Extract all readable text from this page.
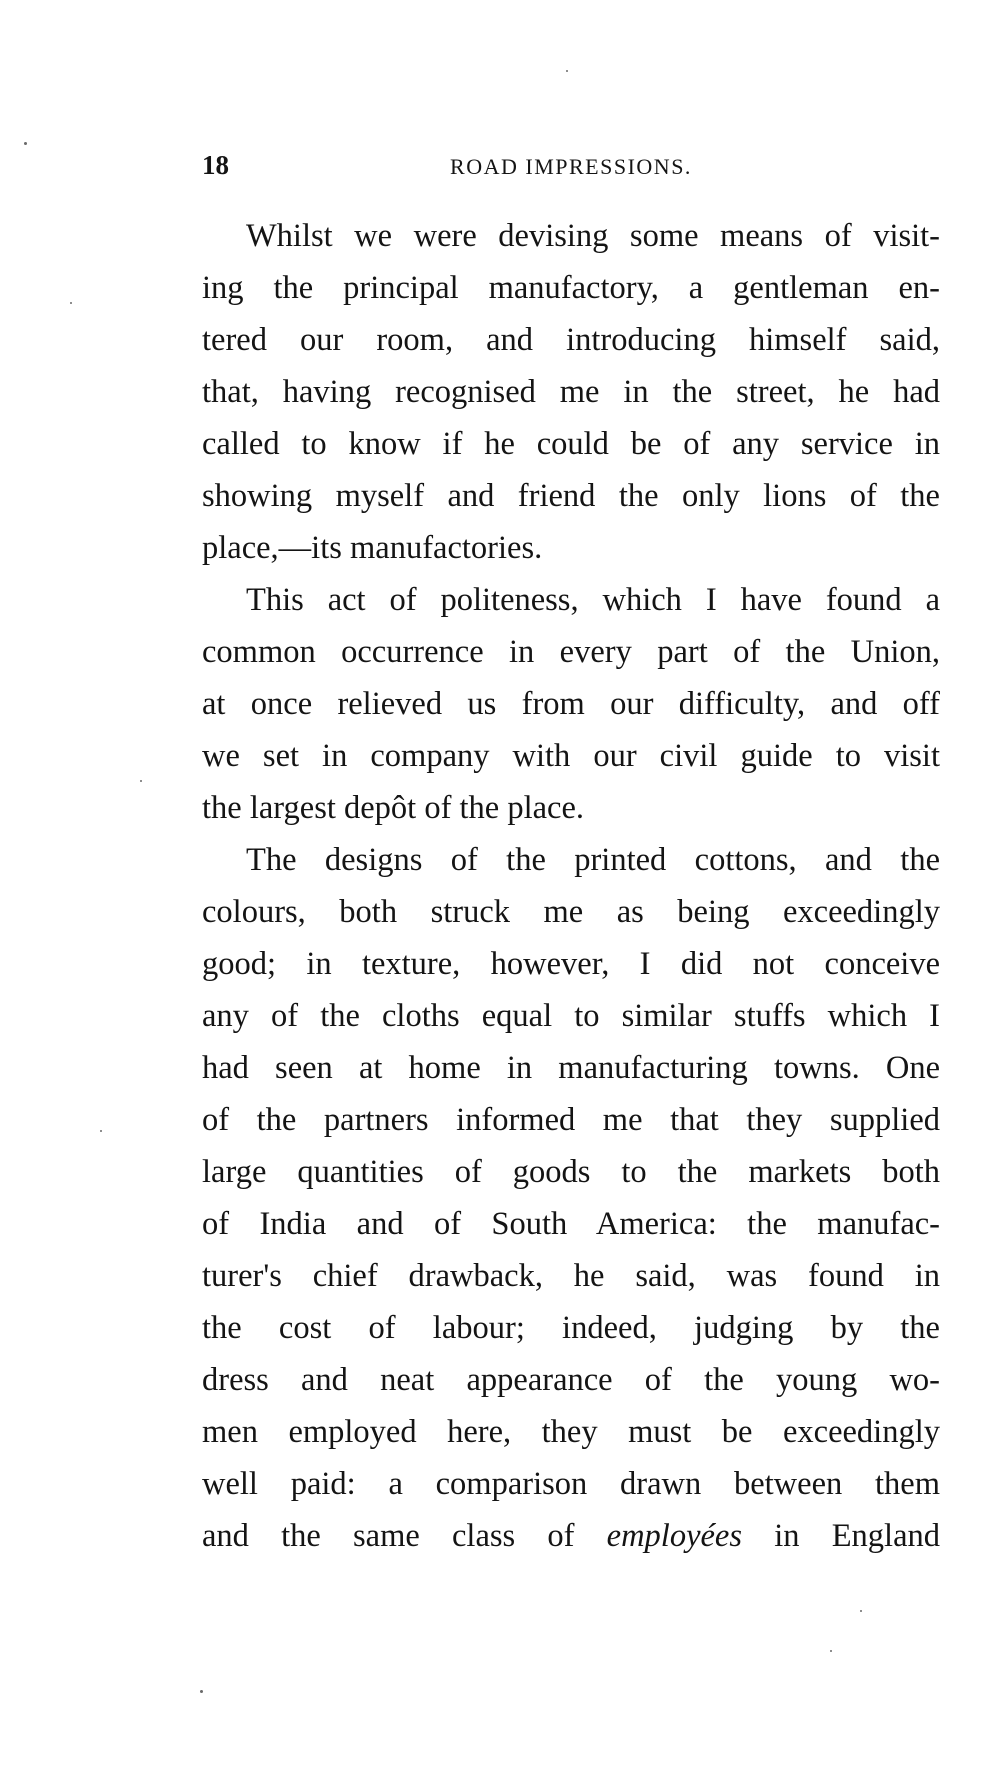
18	ROAD IMPRESSIONS.
Whilst we were devising some means of visit-
ing the principal manufactory, a gentleman en-
tered our room, and introducing himself said,
that, having recognised me in the street, he had
called to know if he could be of any service in
showing myself and friend the only lions of the
place,—its manufactories.
This act of politeness, which I have found a
common occurrence in every part of the Union,
at once relieved us from our difficulty, and off
we set in company with our civil guide to visit
the largest depôt of the place.
The designs of the printed cottons, and the
colours, both struck me as being exceedingly
good; in texture, however, I did not conceive
any of the cloths equal to similar stuffs which I
had seen at home in manufacturing towns. One
of the partners informed me that they supplied
large quantities of goods to the markets both
of India and of South America: the manufac-
turer's chief drawback, he said, was found in
the cost of labour; indeed, judging by the
dress and neat appearance of the young wo-
men employed here, they must be exceedingly
well paid: a comparison drawn between them
and the same class of employées in England
